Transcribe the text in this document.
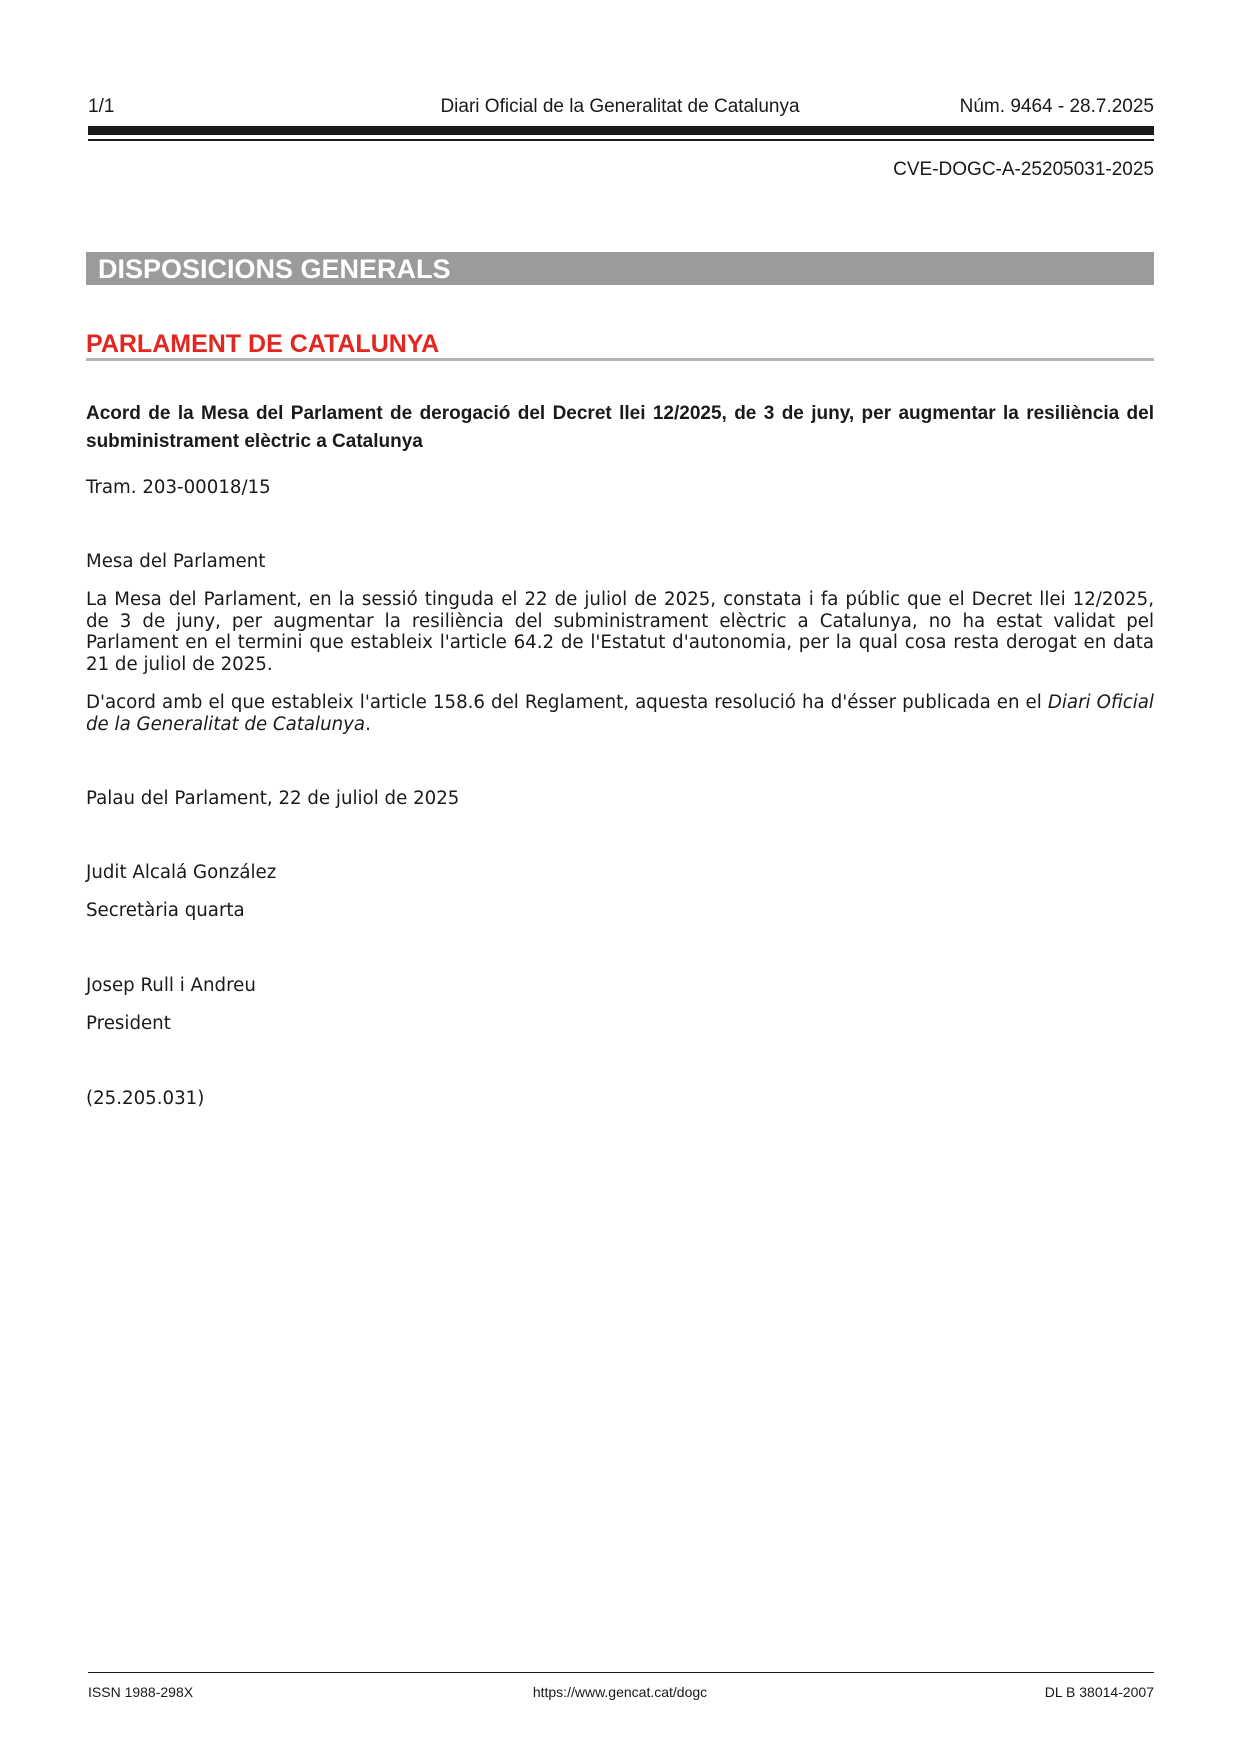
1/1	Diari Oficial de la Generalitat de Catalunya	Núm. 9464 - 28.7.2025
CVE-DOGC-A-25205031-2025
DISPOSICIONS GENERALS
PARLAMENT DE CATALUNYA
Acord de la Mesa del Parlament de derogació del Decret llei 12/2025, de 3 de juny, per augmentar la resiliència del subministrament elèctric a Catalunya
Tram. 203-00018/15
Mesa del Parlament
La Mesa del Parlament, en la sessió tinguda el 22 de juliol de 2025, constata i fa públic que el Decret llei 12/2025, de 3 de juny, per augmentar la resiliència del subministrament elèctric a Catalunya, no ha estat validat pel Parlament en el termini que estableix l'article 64.2 de l'Estatut d'autonomia, per la qual cosa resta derogat en data 21 de juliol de 2025.
D'acord amb el que estableix l'article 158.6 del Reglament, aquesta resolució ha d'ésser publicada en el Diari Oficial de la Generalitat de Catalunya.
Palau del Parlament, 22 de juliol de 2025
Judit Alcalá González
Secretària quarta
Josep Rull i Andreu
President
(25.205.031)
ISSN 1988-298X	https://www.gencat.cat/dogc	DL B 38014-2007
